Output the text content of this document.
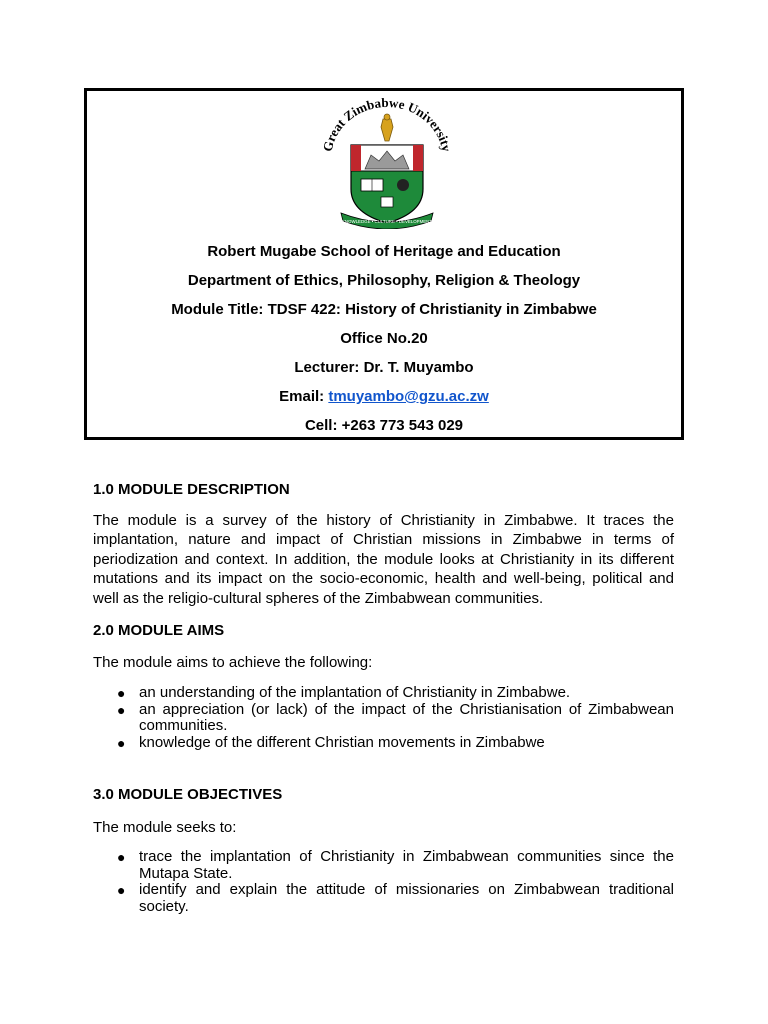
Great Zimbabwe University
KNOWLEDGE • CULTURE • DEVELOPMENT
Robert Mugabe School of Heritage and Education
Department of Ethics, Philosophy, Religion & Theology
Module Title: TDSF 422: History of Christianity in Zimbabwe
Office No.20
Lecturer: Dr. T. Muyambo
Email: tmuyambo@gzu.ac.zw
Cell: +263 773 543 029
1.0 MODULE DESCRIPTION
The module is a survey of the history of Christianity in Zimbabwe. It traces the
implantation, nature and impact of Christian missions in Zimbabwe in terms of
periodization and context. In addition, the module looks at Christianity in its different
mutations and its impact on the socio-economic, health and well-being, political and
well as the religio-cultural spheres of the Zimbabwean communities.
2.0 MODULE AIMS
The module aims to achieve the following:
● an understanding of the implantation of Christianity in Zimbabwe.
● an appreciation (or lack) of the impact of the Christianisation of Zimbabwean communities.
● knowledge of the different Christian movements in Zimbabwe
3.0 MODULE OBJECTIVES
The module seeks to:
● trace the implantation of Christianity in Zimbabwean communities since the Mutapa State.
● identify and explain the attitude of missionaries on Zimbabwean traditional society.
